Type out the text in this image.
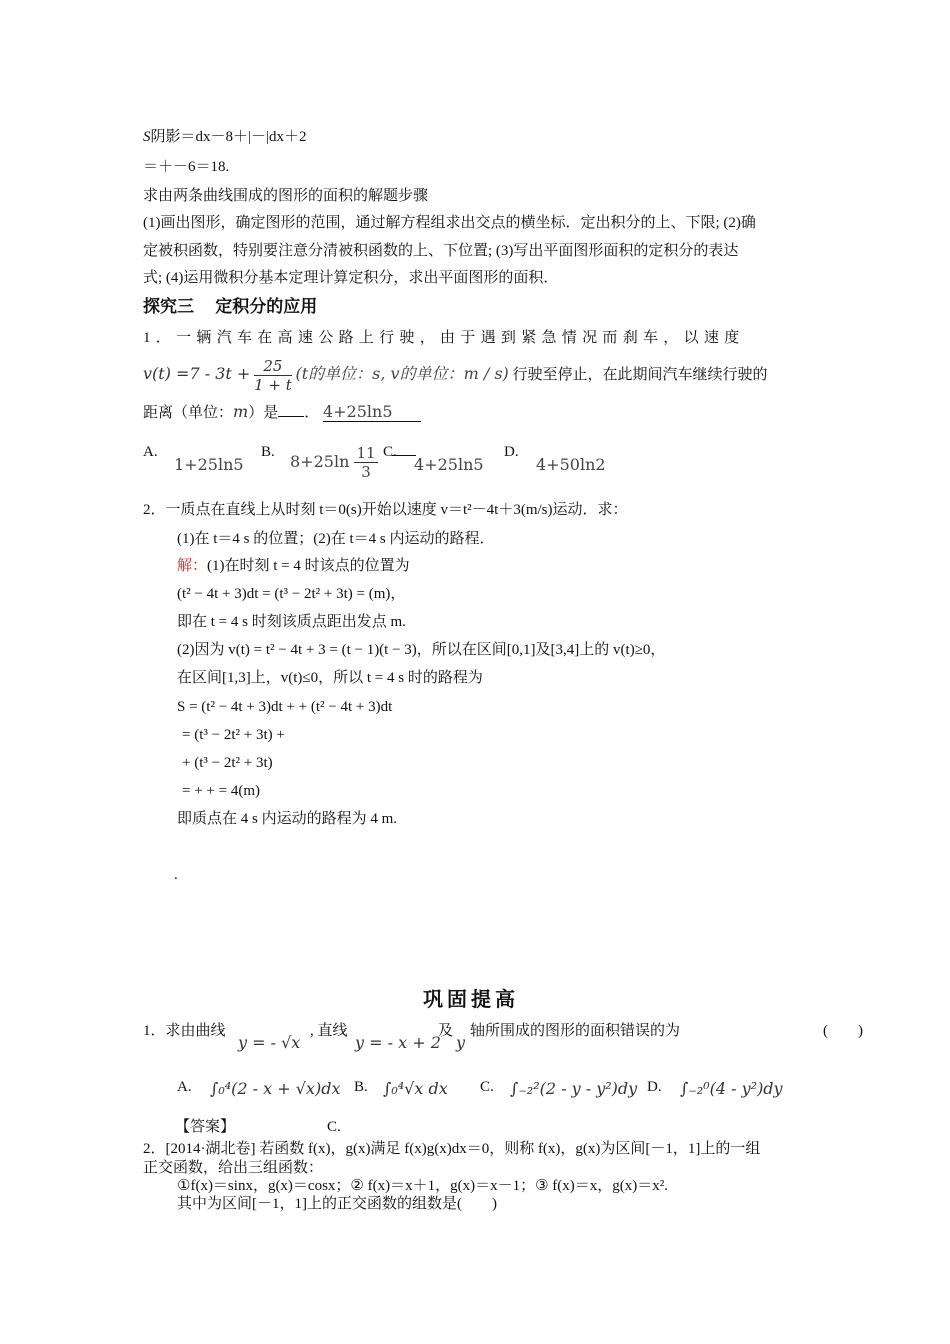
S阴影＝dx－8＋|－|dx＋2
＝＋－6＝18.
求由两条曲线围成的图形的面积的解题步骤
(1)画出图形，确定图形的范围，通过解方程组求出交点的横坐标．定出积分的上、下限; (2)确
定被积函数，特别要注意分清被积函数的上、下位置; (3)写出平面图形面积的定积分的表达
式; (4)运用微积分基本定理计算定积分，求出平面图形的面积．
探究三　 定积分的应用
1．一辆汽车在高速公路上行驶，由于遇到紧急情况而刹车，以速度
$v(t) =7 - 3t + \frac{25}{1 + t} (t$的单位：s, v的单位：m / s) 行驶至停止，在此期间汽车继续行驶的
距离（单位：m）是 ． 4+25ln5
A.
1+25ln5
B. $8+25\ln \frac{11}{3} C$.
4+25ln5
D.
4+50ln2
2．一质点在直线上从时刻 t＝0(s)开始以速度 v＝t²－4t＋3(m/s)运动．求：
(1)在 t＝4 s 的位置；(2)在 t＝4 s 内运动的路程．
解：(1)在时刻 t = 4 时该点的位置为
(t² − 4t + 3)dt = (t³ − 2t² + 3t) = (m)，
即在 t = 4 s 时刻该质点距出发点 m.
(2)因为 v(t) = t² − 4t + 3 = (t − 1)(t − 3)，所以在区间[0,1]及[3,4]上的 v(t)≥0，
在区间[1,3]上，v(t)≤0，所以 t = 4 s 时的路程为
S = (t² − 4t + 3)dt + + (t² − 4t + 3)dt
= (t³ − 2t² + 3t) +
+ (t³ − 2t² + 3t)
= + + = 4(m)
即质点在 4 s 内运动的路程为 4 m.
.
巩固提高
1．求由曲线
y = - √x
, 直线
y = - x + 2
及
y
轴所围成的图形的面积错误的为	(　　)
A. ∫₀⁴(2 - x + √x)dx B. ∫₀⁴√x dx C. ∫₋₂²(2 - y - y²)dy D. ∫₋₂⁰(4 - y²)dy
【答案】	C.
2．[2014·湖北卷] 若函数 f(x)，g(x)满足 f(x)g(x)dx＝0，则称 f(x)，g(x)为区间[－1，1]上的一组
正交函数，给出三组函数：
①f(x)＝sinx，g(x)＝cosx；② f(x)＝x＋1，g(x)＝x－1；③ f(x)＝x，g(x)＝x².
其中为区间[－1，1]上的正交函数的组数是(　　)
